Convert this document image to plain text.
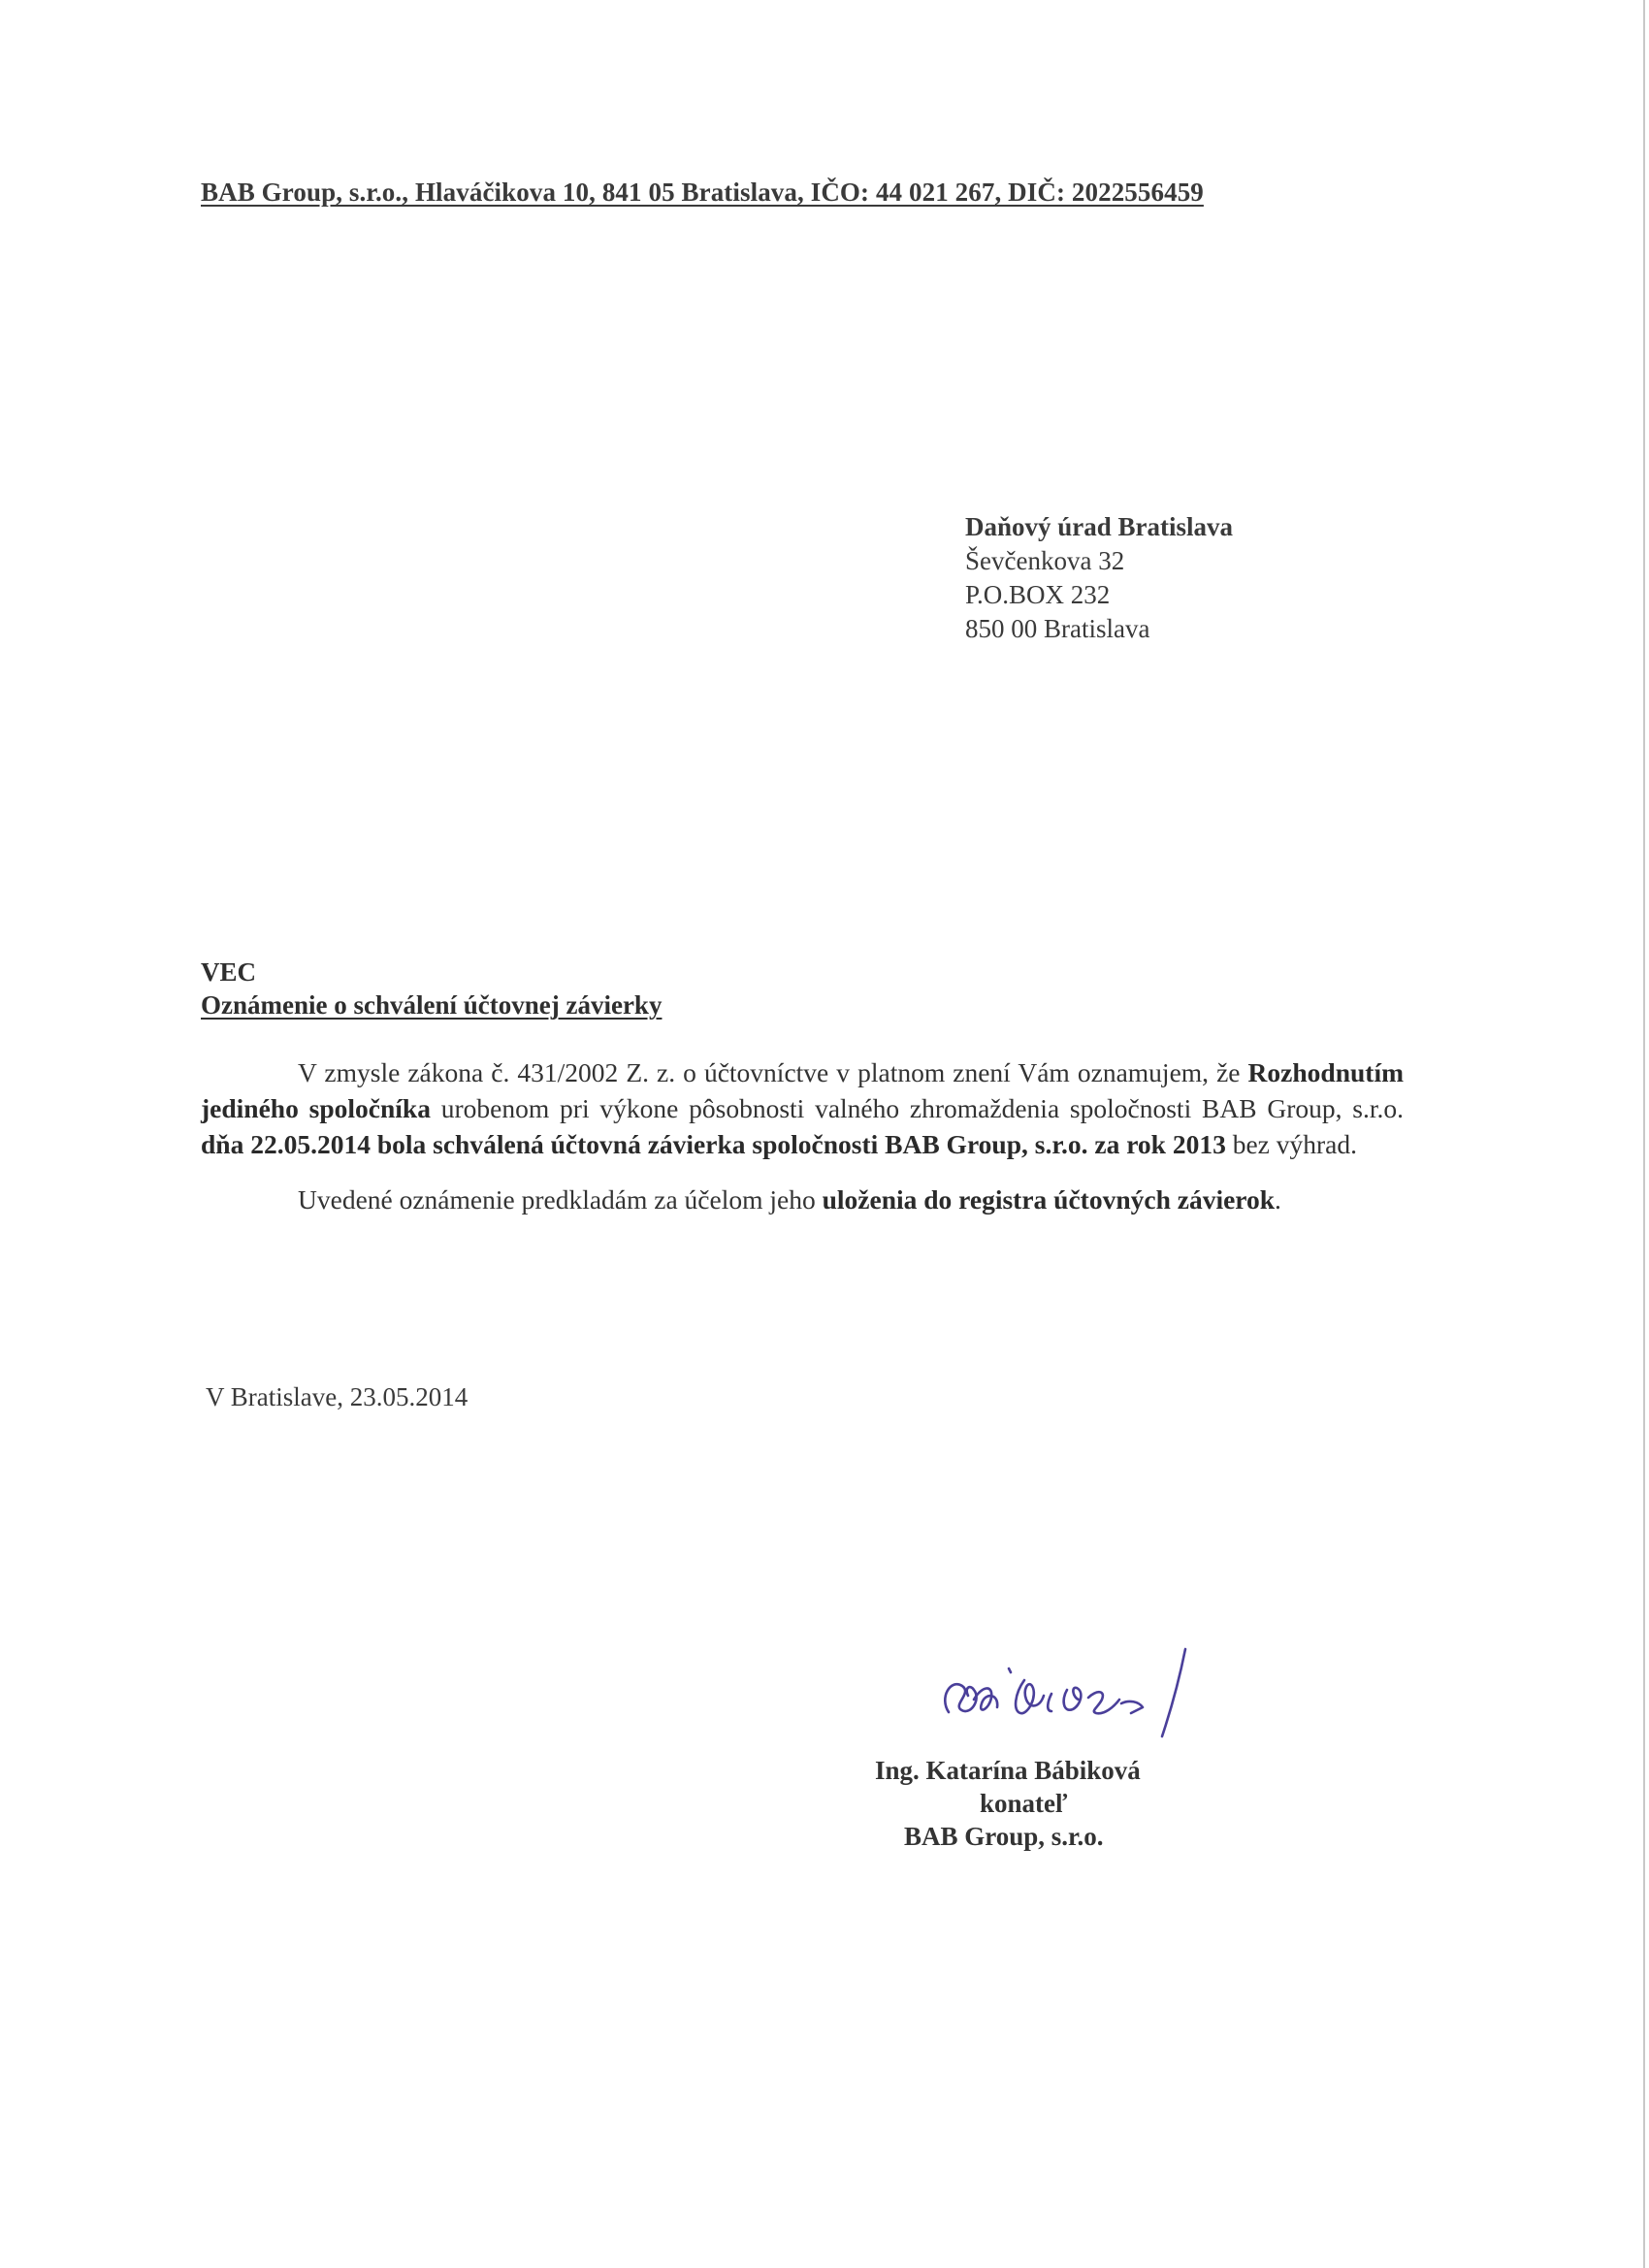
BAB Group, s.r.o., Hlaváčikova 10, 841 05 Bratislava, IČO: 44 021 267, DIČ: 2022556459
Daňový úrad Bratislava
Ševčenkova 32
P.O.BOX 232
850 00 Bratislava
VEC
Oznámenie o schválení účtovnej závierky

V zmysle zákona č. 431/2002 Z. z. o účtovníctve v platnom znení Vám oznamujem, že Rozhodnutím jediného spoločníka urobenom pri výkone pôsobnosti valného zhromaždenia spoločnosti BAB Group, s.r.o. dňa 22.05.2014 bola schválená účtovná závierka spoločnosti BAB Group, s.r.o. za rok 2013 bez výhrad.

Uvedené oznámenie predkladám za účelom jeho uloženia do registra účtovných závierok.

V Bratislave, 23.05.2014
Ing. Katarína Bábiková
konateľ
BAB Group, s.r.o.
